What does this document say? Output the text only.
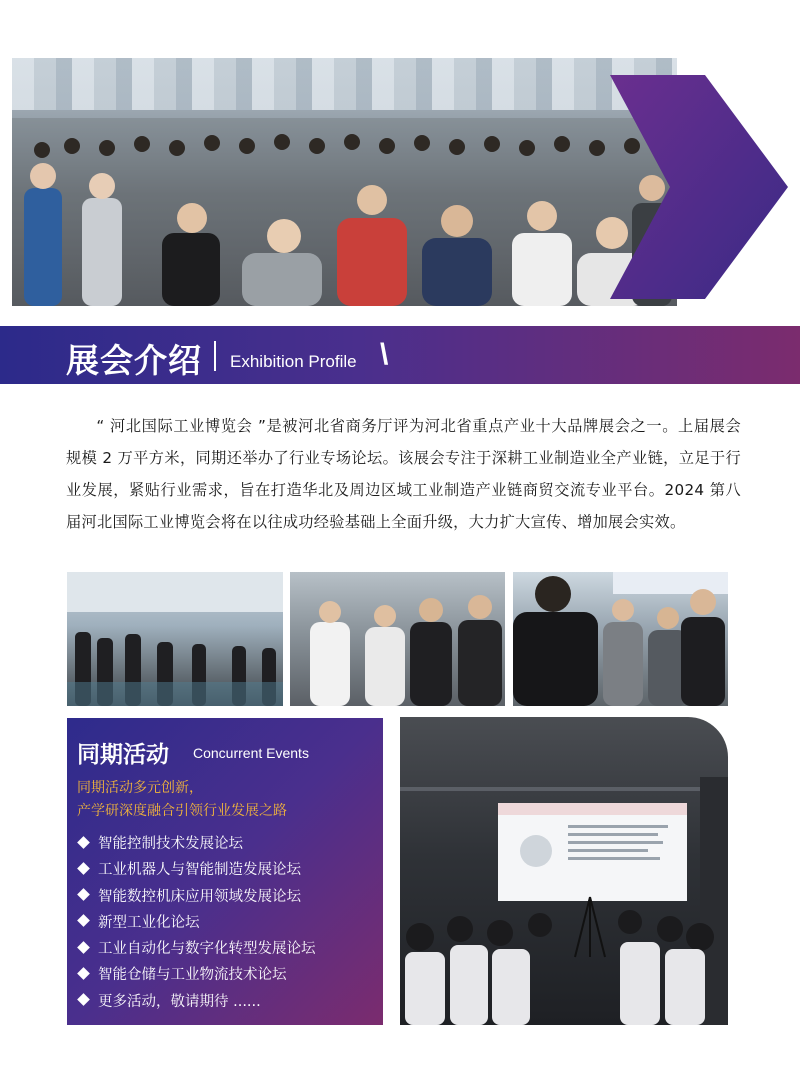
展会介绍 Exhibition Profile \

“ 河北国际工业博览会 ”是被河北省商务厅评为河北省重点产业十大品牌展会之一。上届展会规模 2 万平方米，同期还举办了行业专场论坛。该展会专注于深耕工业制造业全产业链，立足于行业发展，紧贴行业需求，旨在打造华北及周边区域工业制造产业链商贸交流专业平台。2024 第八届河北国际工业博览会将在以往成功经验基础上全面升级，大力扩大宣传、增加展会实效。

同期活动 Concurrent Events
同期活动多元创新，
产学研深度融合引领行业发展之路
智能控制技术发展论坛
工业机器人与智能制造发展论坛
智能数控机床应用领域发展论坛
新型工业化论坛
工业自动化与数字化转型发展论坛
智能仓储与工业物流技术论坛
更多活动，敬请期待 ......
